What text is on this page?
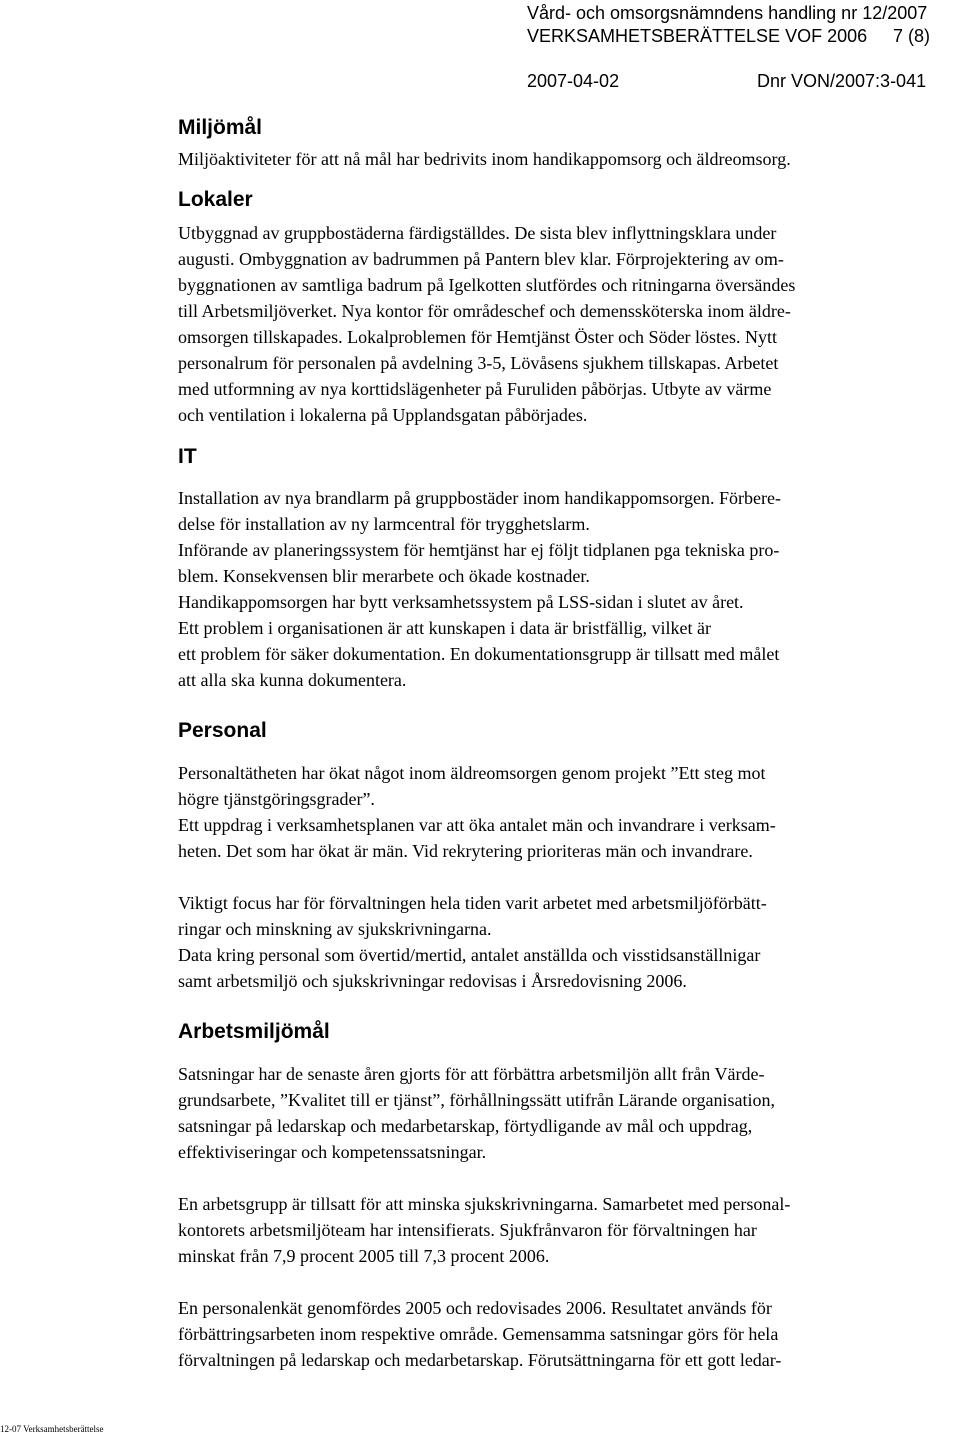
Vård- och omsorgsnämndens handling nr 12/2007
VERKSAMHETSBERÄTTELSE VOF 2006 7 (8)
2007-04-02	Dnr VON/2007:3-041
Miljömål
Miljöaktiviteter för att nå mål har bedrivits inom handikappomsorg och äldreomsorg.
Lokaler
Utbyggnad av gruppbostäderna färdigställdes. De sista blev inflyttningsklara under
augusti. Ombyggnation av badrummen på Pantern blev klar. Förprojektering av om-
byggnationen av samtliga badrum på Igelkotten slutfördes och ritningarna översändes
till Arbetsmiljöverket. Nya kontor för områdeschef och demenssköterska inom äldre-
omsorgen tillskapades. Lokalproblemen för Hemtjänst Öster och Söder löstes. Nytt
personalrum för personalen på avdelning 3-5, Lövåsens sjukhem tillskapas. Arbetet
med utformning av nya korttidslägenheter på Furuliden påbörjas. Utbyte av värme
och ventilation i lokalerna på Upplandsgatan påbörjades.
IT
Installation av nya brandlarm på gruppbostäder inom handikappomsorgen. Förbere-
delse för installation av ny larmcentral för trygghetslarm.
Införande av planeringssystem för hemtjänst har ej följt tidplanen pga tekniska pro-
blem. Konsekvensen blir merarbete och ökade kostnader.
Handikappomsorgen har bytt verksamhetssystem på LSS-sidan i slutet av året.
Ett problem i organisationen är att kunskapen i data är bristfällig, vilket är
ett problem för säker dokumentation. En dokumentationsgrupp är tillsatt med målet
att alla ska kunna dokumentera.
Personal
Personaltätheten har ökat något inom äldreomsorgen genom projekt ”Ett steg mot
högre tjänstgöringsgrader”.
Ett uppdrag i verksamhetsplanen var att öka antalet män och invandrare i verksam-
heten. Det som har ökat är män. Vid rekrytering prioriteras män och invandrare.
Viktigt focus har för förvaltningen hela tiden varit arbetet med arbetsmiljöförbätt-
ringar och minskning av sjukskrivningarna.
Data kring personal som övertid/mertid, antalet anställda och visstidsanställnigar
samt arbetsmiljö och sjukskrivningar redovisas i Årsredovisning 2006.
Arbetsmiljömål
Satsningar har de senaste åren gjorts för att förbättra arbetsmiljön allt från Värde-
grundsarbete, ”Kvalitet till er tjänst”, förhållningssätt utifrån Lärande organisation,
satsningar på ledarskap och medarbetarskap, förtydligande av mål och uppdrag,
effektiviseringar och kompetenssatsningar.
En arbetsgrupp är tillsatt för att minska sjukskrivningarna. Samarbetet med personal-
kontorets arbetsmiljöteam har intensifierats. Sjukfrånvaron för förvaltningen har
minskat från 7,9 procent 2005 till 7,3 procent 2006.
En personalenkät genomfördes 2005 och redovisades 2006. Resultatet används för
förbättringsarbeten inom respektive område. Gemensamma satsningar görs för hela
förvaltningen på ledarskap och medarbetarskap. Förutsättningarna för ett gott ledar-
12-07 Verksamhetsberättelse
